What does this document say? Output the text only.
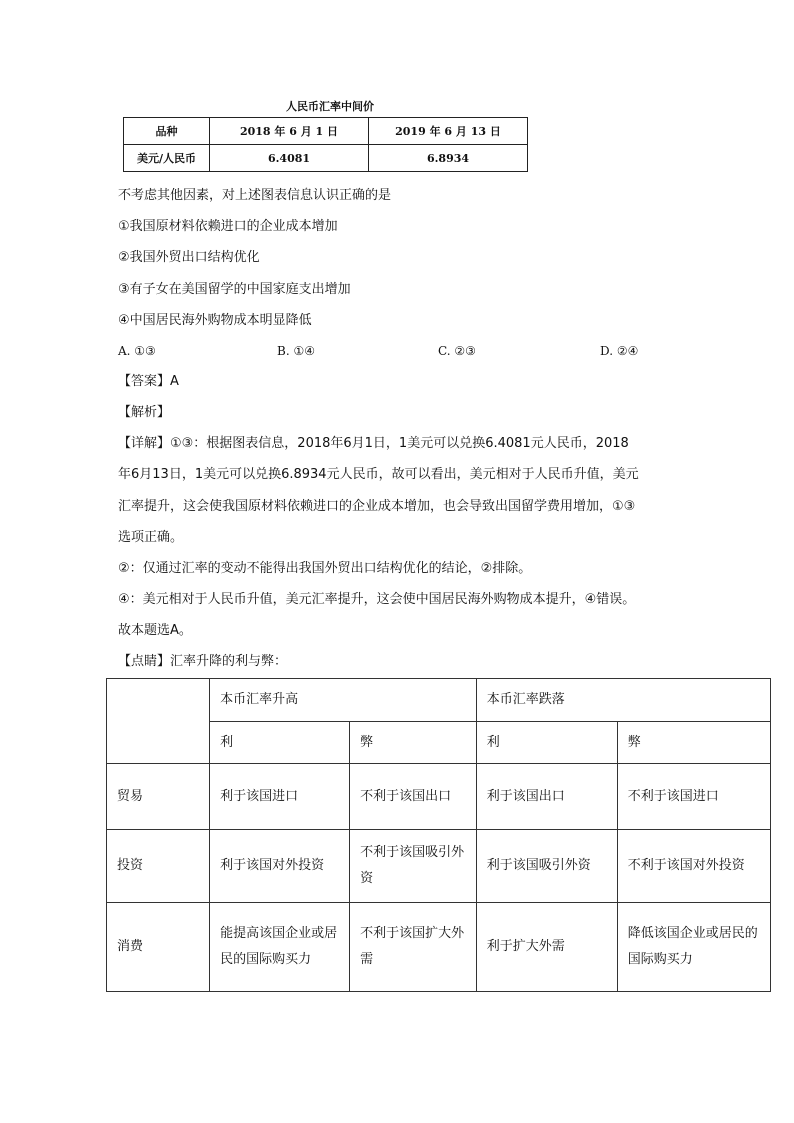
人民币汇率中间价
品种	2018 年 6 月 1 日	2019 年 6 月 13 日
美元/人民币	6.4081	6.8934
不考虑其他因素，对上述图表信息认识正确的是
①我国原材料依赖进口的企业成本增加
②我国外贸出口结构优化
③有子女在美国留学的中国家庭支出增加
④中国居民海外购物成本明显降低
A. ①③	B. ①④	C. ②③	D. ②④
【答案】A
【解析】
【详解】①③：根据图表信息，2018年6月1日，1美元可以兑换6.4081元人民币，2018
年6月13日，1美元可以兑换6.8934元人民币，故可以看出，美元相对于人民币升值，美元
汇率提升，这会使我国原材料依赖进口的企业成本增加，也会导致出国留学费用增加，①③
选项正确。
②：仅通过汇率的变动不能得出我国外贸出口结构优化的结论，②排除。
④：美元相对于人民币升值，美元汇率提升，这会使中国居民海外购物成本提升，④错误。
故本题选A。
【点睛】汇率升降的利与弊：
	本币汇率升高		本币汇率跌落	
	利	弊	利	弊
贸易	利于该国进口	不利于该国出口	利于该国出口	不利于该国进口
投资	利于该国对外投资	不利于该国吸引外资	利于该国吸引外资	不利于该国对外投资
消费	能提高该国企业或居民的国际购买力	不利于该国扩大外需	利于扩大外需	降低该国企业或居民的国际购买力
